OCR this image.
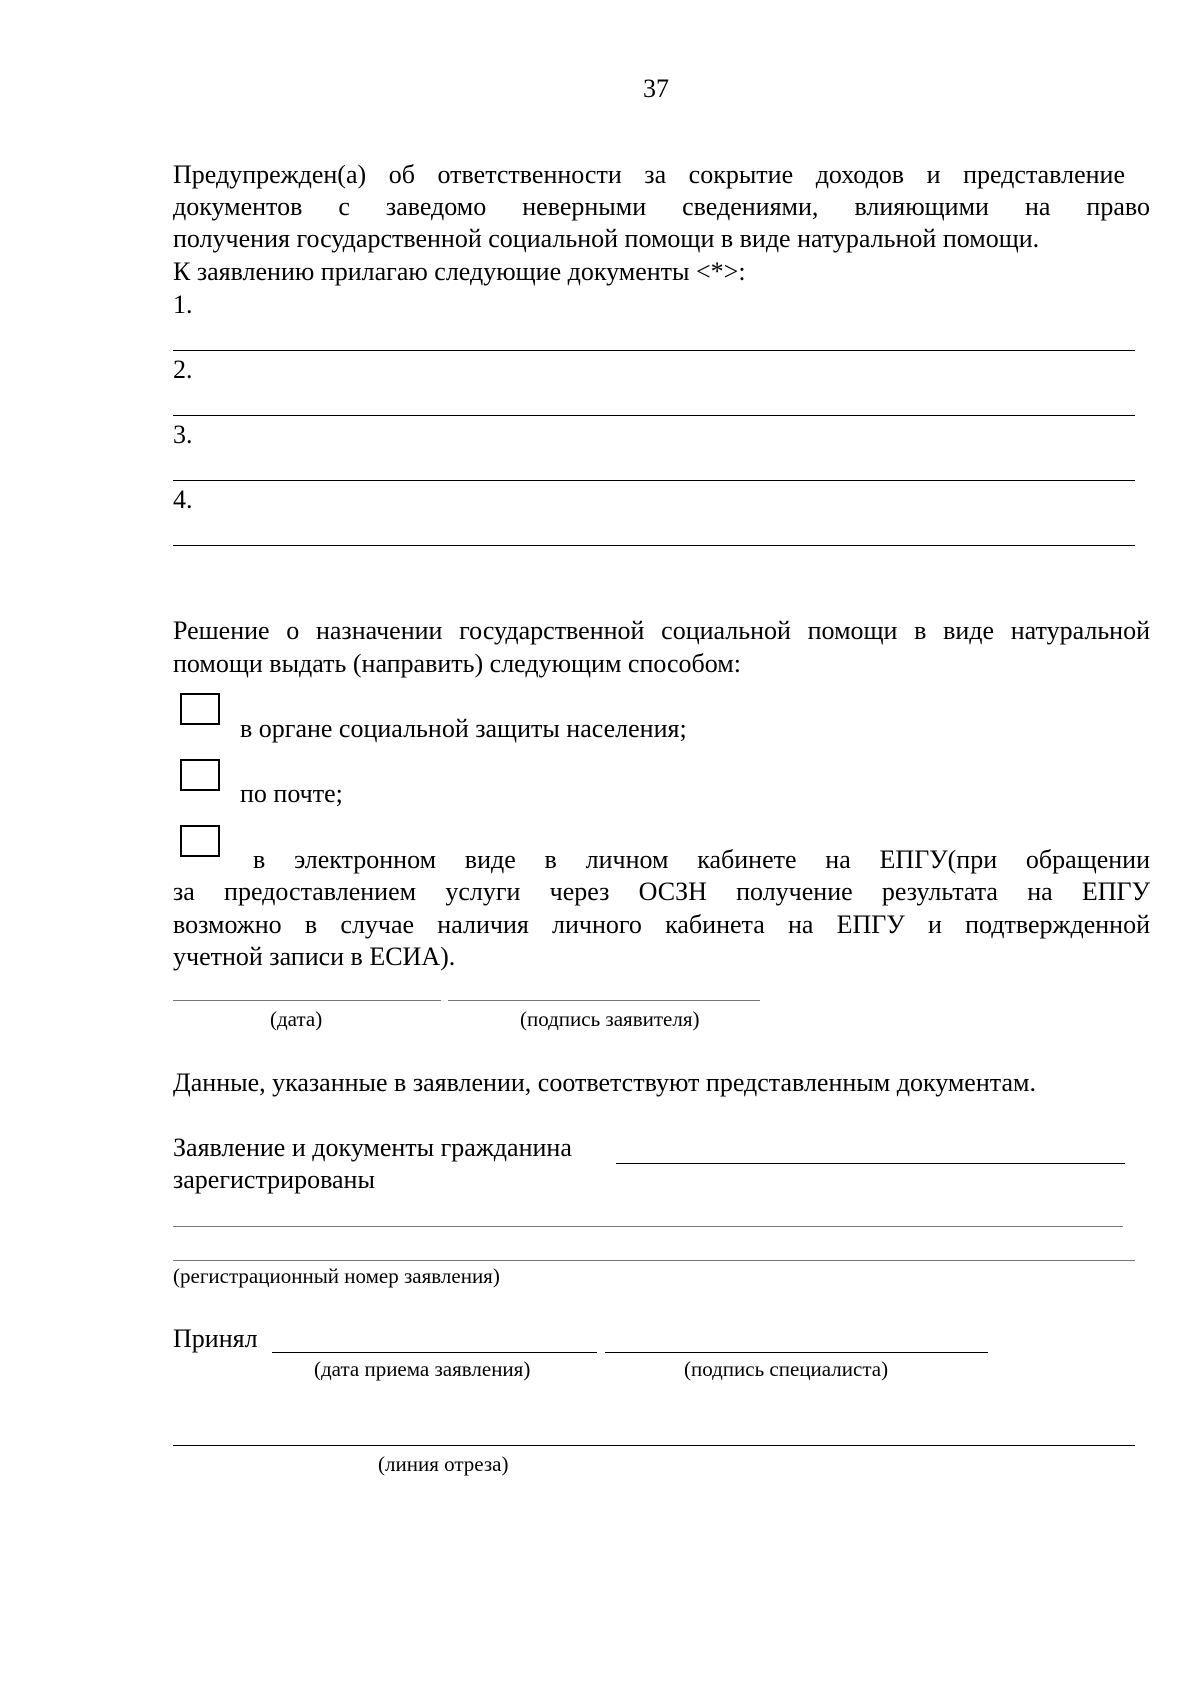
37
Предупрежден(а) об ответственности за сокрытие доходов и представление
документов с заведомо неверными сведениями, влияющими на право
получения государственной социальной помощи в виде натуральной помощи.
К заявлению прилагаю следующие документы <*>:
1.
2.
3.
4.
Решение о назначении государственной социальной помощи в виде натуральной
помощи выдать (направить) следующим способом:
в органе социальной защиты населения;
по почте;
в электронном виде в личном кабинете на ЕПГУ(при обращении
за предоставлением услуги через ОСЗН получение результата на ЕПГУ
возможно в случае наличия личного кабинета на ЕПГУ и подтвержденной
учетной записи в ЕСИА).
(дата)	(подпись заявителя)
Данные, указанные в заявлении, соответствуют представленным документам.
Заявление и документы гражданина
зарегистрированы
(регистрационный номер заявления)
Принял
(дата приема заявления)	(подпись специалиста)
(линия отреза)
